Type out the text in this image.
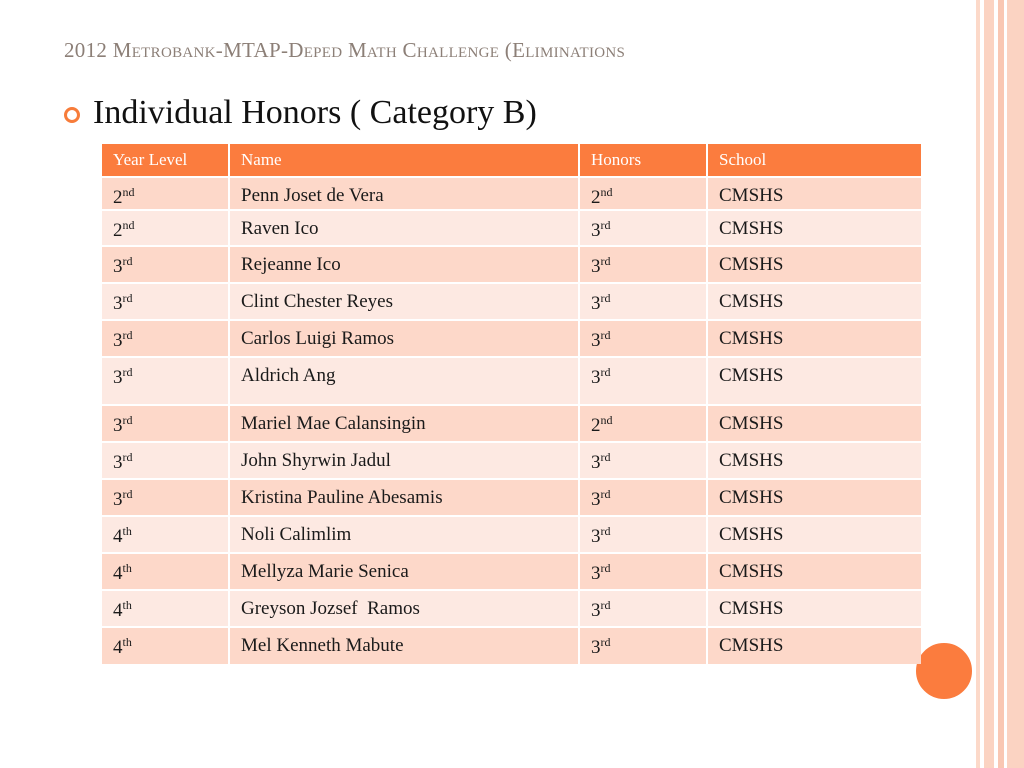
2012 Metrobank-MTAP-Deped Math Challenge (Eliminations
Individual Honors ( Category B)
Year Level	Name	Honors	School
2nd	Penn Joset de Vera	2nd	CMSHS
2nd	Raven Ico	3rd	CMSHS
3rd	Rejeanne Ico	3rd	CMSHS
3rd	Clint Chester Reyes	3rd	CMSHS
3rd	Carlos Luigi Ramos	3rd	CMSHS
3rd	Aldrich Ang	3rd	CMSHS
3rd	Mariel Mae Calansingin	2nd	CMSHS
3rd	John Shyrwin Jadul	3rd	CMSHS
3rd	Kristina Pauline Abesamis	3rd	CMSHS
4th	Noli Calimlim	3rd	CMSHS
4th	Mellyza Marie Senica	3rd	CMSHS
4th	Greyson Jozsef  Ramos	3rd	CMSHS
4th	Mel Kenneth Mabute	3rd	CMSHS
